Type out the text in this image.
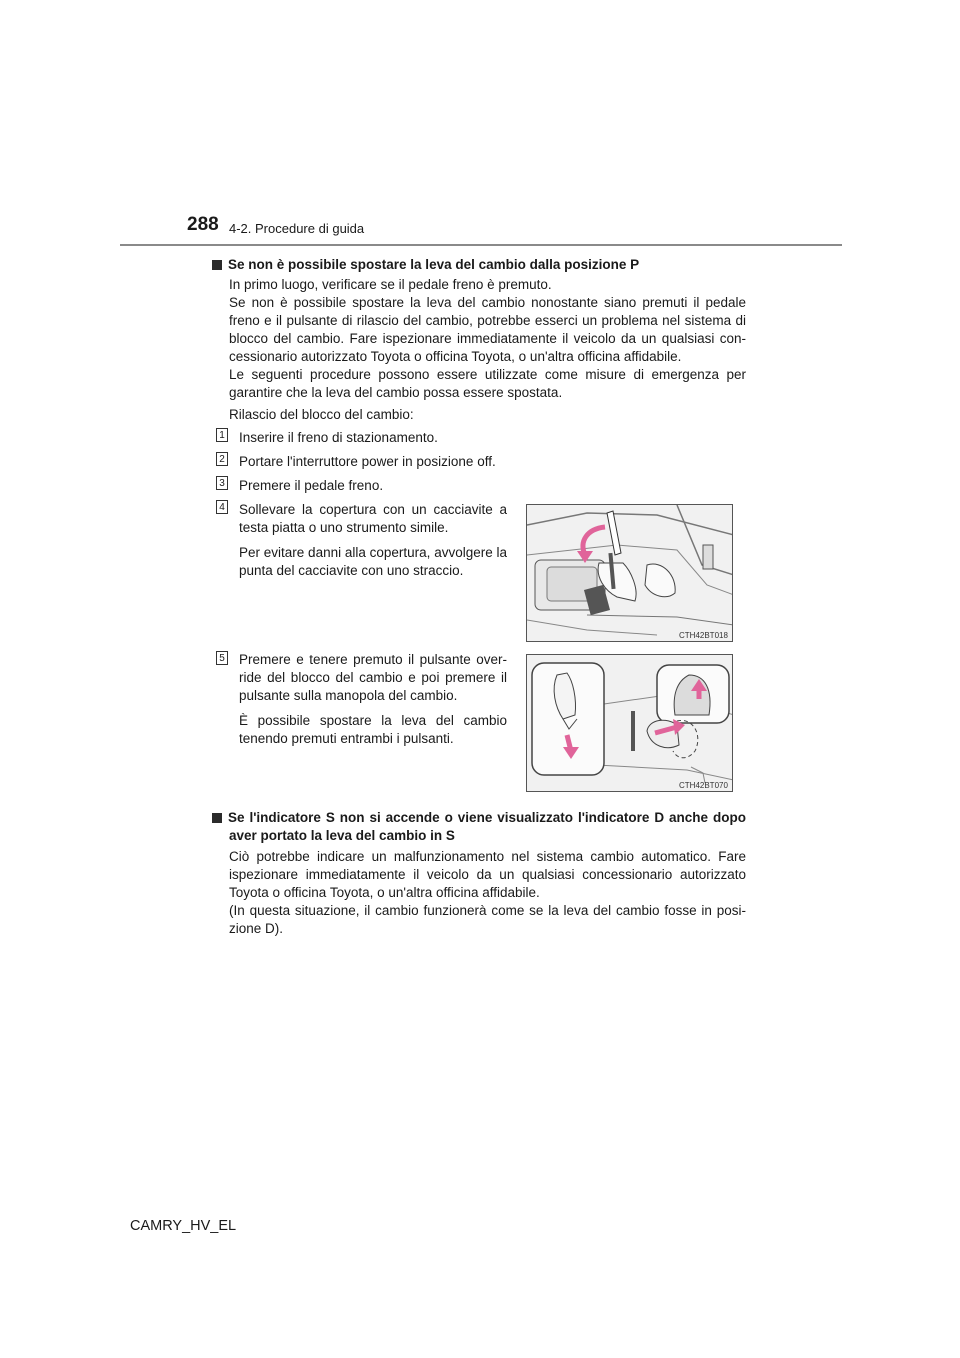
288 4-2. Procedure di guida
Se non è possibile spostare la leva del cambio dalla posizione P
In primo luogo, verificare se il pedale freno è premuto.
Se non è possibile spostare la leva del cambio nonostante siano premuti il pedale
freno e il pulsante di rilascio del cambio, potrebbe esserci un problema nel sistema di
blocco del cambio. Fare ispezionare immediatamente il veicolo da un qualsiasi con-
cessionario autorizzato Toyota o officina Toyota, o un'altra officina affidabile.
Le seguenti procedure possono essere utilizzate come misure di emergenza per
garantire che la leva del cambio possa essere spostata.
Rilascio del blocco del cambio:
1 Inserire il freno di stazionamento.
2 Portare l'interruttore power in posizione off.
3 Premere il pedale freno.
4 Sollevare la copertura con un cacciavite a
testa piatta o uno strumento simile.
Per evitare danni alla copertura, avvolgere la
punta del cacciavite con uno straccio.
CTH42BT018
5 Premere e tenere premuto il pulsante over-
ride del blocco del cambio e poi premere il
pulsante sulla manopola del cambio.
È possibile spostare la leva del cambio
tenendo premuti entrambi i pulsanti.
CTH42BT070
Se l'indicatore S non si accende o viene visualizzato l'indicatore D anche dopo
aver portato la leva del cambio in S
Ciò potrebbe indicare un malfunzionamento nel sistema cambio automatico. Fare
ispezionare immediatamente il veicolo da un qualsiasi concessionario autorizzato
Toyota o officina Toyota, o un'altra officina affidabile.
(In questa situazione, il cambio funzionerà come se la leva del cambio fosse in posi-
zione D).
CAMRY_HV_EL
